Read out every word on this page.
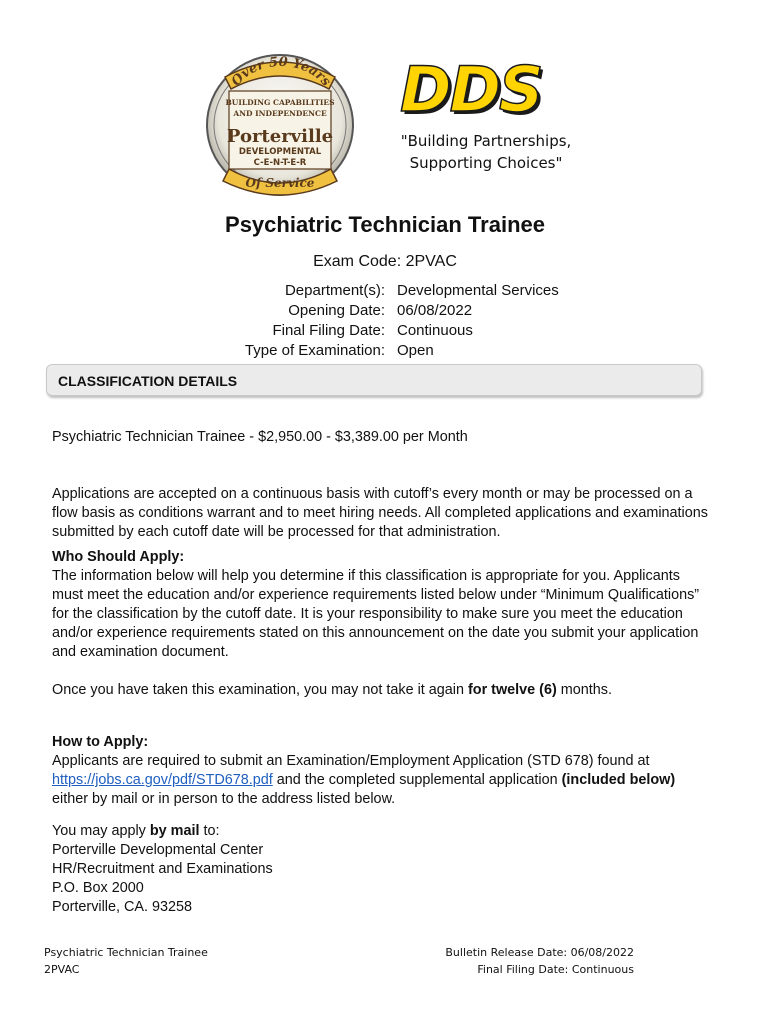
Over 50 Years
BUILDING CAPABILITIES
AND INDEPENDENCE
Porterville
DEVELOPMENTAL
C-E-N-T-E-R
Of Service
DDS
"Building Partnerships,
Supporting Choices"
Psychiatric Technician Trainee
Exam Code: 2PVAC
Department(s):
Opening Date:
Final Filing Date:
Type of Examination:
Developmental Services
06/08/2022
Continuous
Open
CLASSIFICATION DETAILS
Psychiatric Technician Trainee - $2,950.00 - $3,389.00 per Month
Applications are accepted on a continuous basis with cutoff’s every month or may be processed on a flow basis as conditions warrant and to meet hiring needs. All completed applications and examinations submitted by each cutoff date will be processed for that administration.

Who Should Apply:

The information below will help you determine if this classification is appropriate for you. Applicants must meet the education and/or experience requirements listed below under “Minimum Qualifications” for the classification by the cutoff date. It is your responsibility to make sure you meet the education and/or experience requirements stated on this announcement on the date you submit your application and examination document.

Once you have taken this examination, you may not take it again for twelve (6) months.

How to Apply:

Applicants are required to submit an Examination/Employment Application (STD 678) found at https://jobs.ca.gov/pdf/STD678.pdf and the completed supplemental application (included below) either by mail or in person to the address listed below.

You may apply by mail to:

Porterville Developmental Center

HR/Recruitment and Examinations

P.O. Box 2000

Porterville, CA. 93258

Psychiatric Technician Trainee
2PVAC
Bulletin Release Date: 06/08/2022
Final Filing Date: Continuous
